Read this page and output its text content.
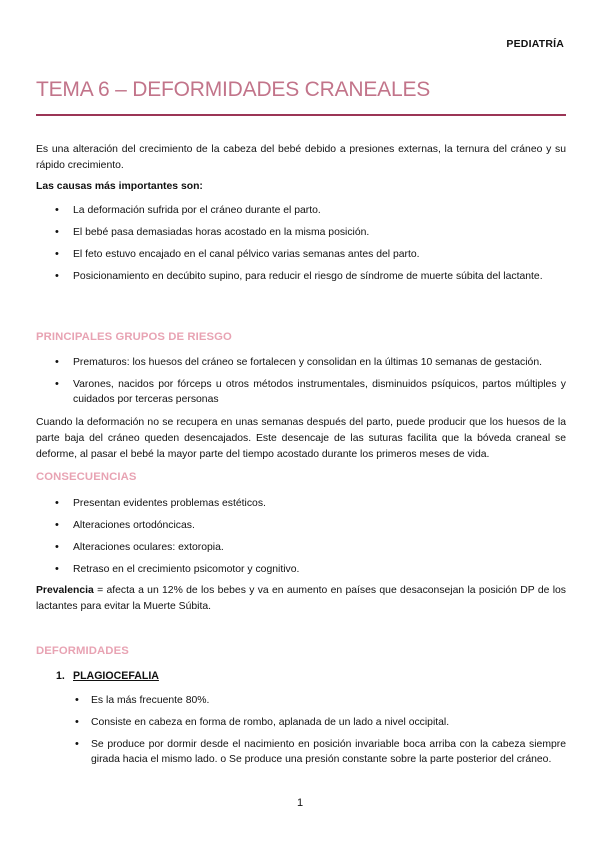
PEDIATRÍA
TEMA 6 – DEFORMIDADES CRANEALES
Es una alteración del crecimiento de la cabeza del bebé debido a presiones externas, la ternura del cráneo y su rápido crecimiento.
Las causas más importantes son:
• La deformación sufrida por el cráneo durante el parto.
• El bebé pasa demasiadas horas acostado en la misma posición.
• El feto estuvo encajado en el canal pélvico varias semanas antes del parto.
• Posicionamiento en decúbito supino, para reducir el riesgo de síndrome de muerte súbita del lactante.
PRINCIPALES GRUPOS DE RIESGO
• Prematuros: los huesos del cráneo se fortalecen y consolidan en la últimas 10 semanas de gestación.
• Varones, nacidos por fórceps u otros métodos instrumentales, disminuidos psíquicos, partos múltiples y cuidados por terceras personas
Cuando la deformación no se recupera en unas semanas después del parto, puede producir que los huesos de la parte baja del cráneo queden desencajados. Este desencaje de las suturas facilita que la bóveda craneal se deforme, al pasar el bebé la mayor parte del tiempo acostado durante los primeros meses de vida.
CONSECUENCIAS
• Presentan evidentes problemas estéticos.
• Alteraciones ortodóncicas.
• Alteraciones oculares: extoropia.
• Retraso en el crecimiento psicomotor y cognitivo.
Prevalencia = afecta a un 12% de los bebes y va en aumento en países que desaconsejan la posición DP de los lactantes para evitar la Muerte Súbita.
DEFORMIDADES
1. PLAGIOCEFALIA
• Es la más frecuente 80%.
• Consiste en cabeza en forma de rombo, aplanada de un lado a nivel occipital.
• Se produce por dormir desde el nacimiento en posición invariable boca arriba con la cabeza siempre girada hacia el mismo lado. o Se produce una presión constante sobre la parte posterior del cráneo.
1
